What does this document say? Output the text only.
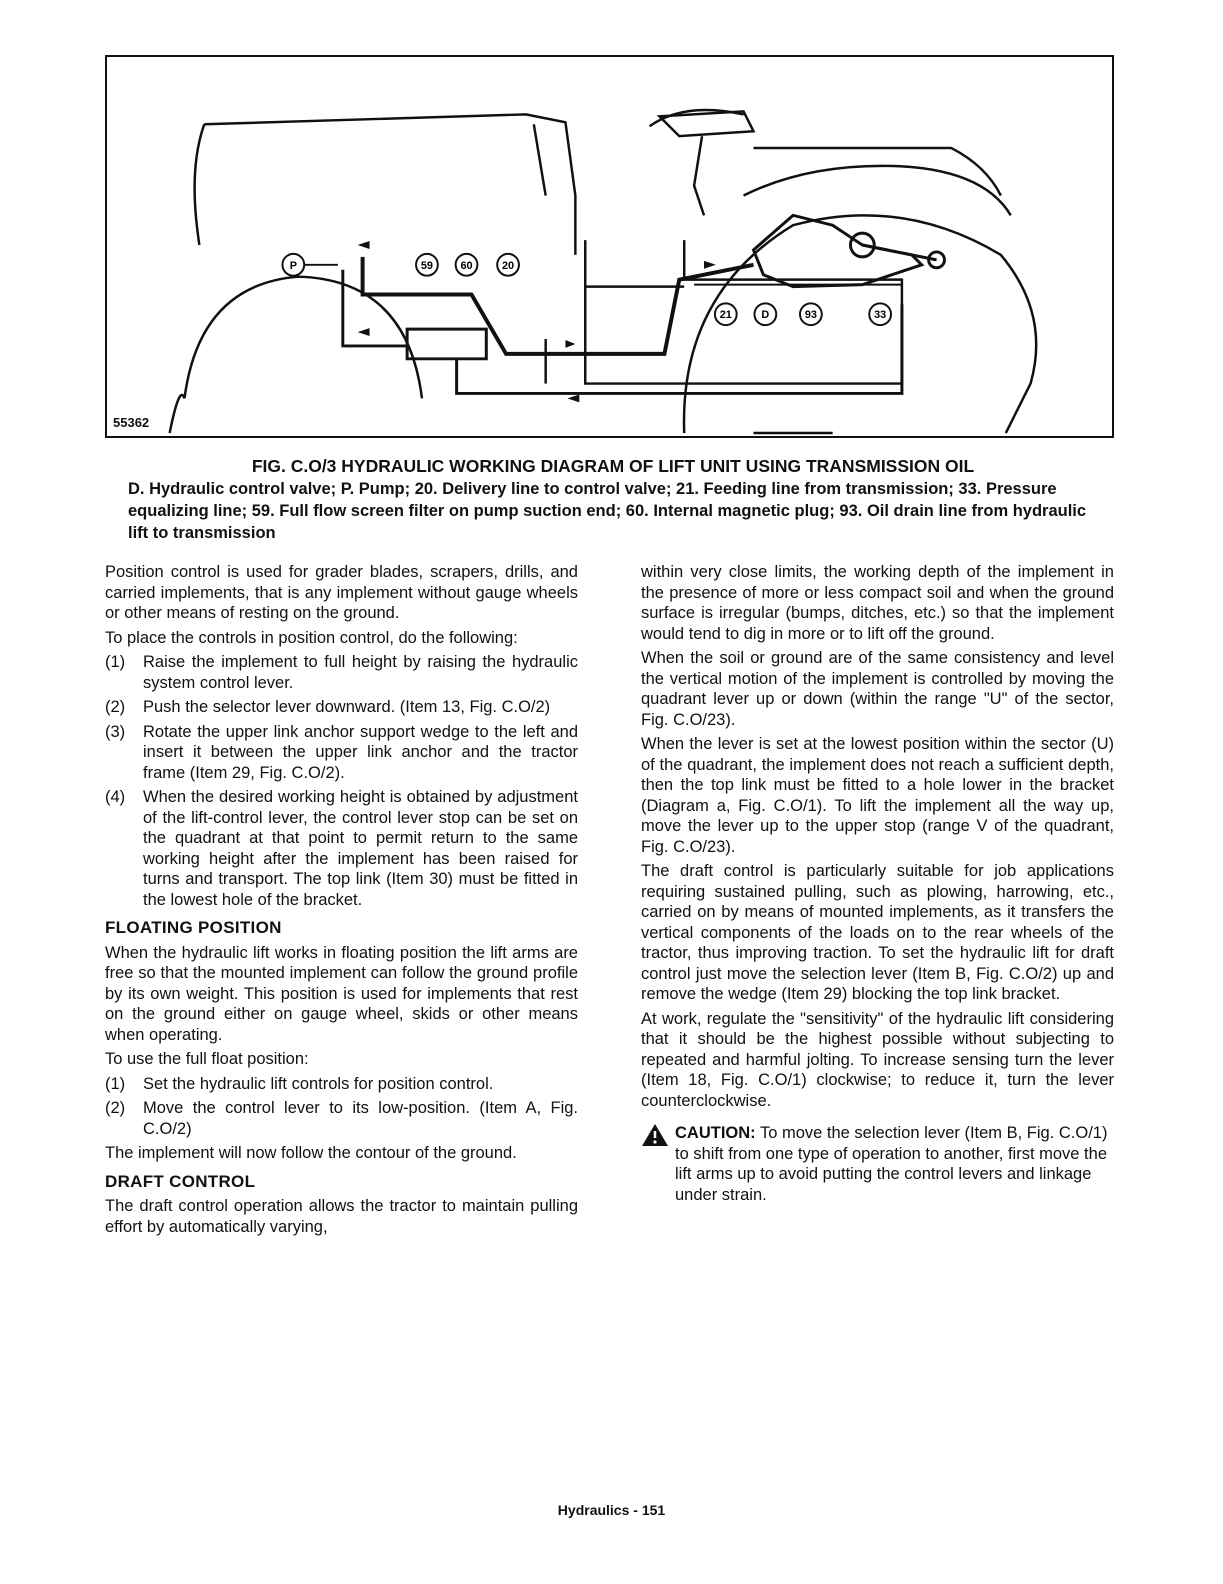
P	59 60	20
21	D	93	33
55362
FIG. C.O/3 HYDRAULIC WORKING DIAGRAM OF LIFT UNIT USING TRANSMISSION OIL
D. Hydraulic control valve; P. Pump; 20. Delivery line to control valve; 21. Feeding line from transmission; 33. Pressure equalizing line; 59. Full flow screen filter on pump suction end; 60. Internal magnetic plug; 93. Oil drain line from hydraulic lift to transmission

Position control is used for grader blades, scrapers, drills, and carried implements, that is any implement without gauge wheels or other means of resting on the ground.

To place the controls in position control, do the following:

(1)	Raise the implement to full height by raising the hydraulic system control lever.
(2)	Push the selector lever downward. (Item 13, Fig. C.O/2)
(3)	Rotate the upper link anchor support wedge to the left and insert it between the upper link anchor and the tractor frame (Item 29, Fig. C.O/2).
(4)	When the desired working height is obtained by adjustment of the lift-control lever, the control lever stop can be set on the quadrant at that point to permit return to the same working height after the implement has been raised for turns and transport. The top link (Item 30) must be fitted in the lowest hole of the bracket.
FLOATING POSITION

When the hydraulic lift works in floating position the lift arms are free so that the mounted implement can follow the ground profile by its own weight. This position is used for implements that rest on the ground either on gauge wheel, skids or other means when operating.

To use the full float position:

(1)	Set the hydraulic lift controls for position control.
(2)	Move the control lever to its low-position. (Item A, Fig. C.O/2)

The implement will now follow the contour of the ground.

DRAFT CONTROL

The draft control operation allows the tractor to maintain pulling effort by automatically varying,

within very close limits, the working depth of the implement in the presence of more or less compact soil and when the ground surface is irregular (bumps, ditches, etc.) so that the implement would tend to dig in more or to lift off the ground.

When the soil or ground are of the same consistency and level the vertical motion of the implement is controlled by moving the quadrant lever up or down (within the range "U" of the sector, Fig. C.O/23).

When the lever is set at the lowest position within the sector (U) of the quadrant, the implement does not reach a sufficient depth, then the top link must be fitted to a hole lower in the bracket (Diagram a, Fig. C.O/1). To lift the implement all the way up, move the lever up to the upper stop (range V of the quadrant, Fig. C.O/23).

The draft control is particularly suitable for job applications requiring sustained pulling, such as plowing, harrowing, etc., carried on by means of mounted implements, as it transfers the vertical components of the loads on to the rear wheels of the tractor, thus improving traction. To set the hydraulic lift for draft control just move the selection lever (Item B, Fig. C.O/2) up and remove the wedge (Item 29) blocking the top link bracket.

At work, regulate the "sensitivity" of the hydraulic lift considering that it should be the highest possible without subjecting to repeated and harmful jolting. To increase sensing turn the lever (Item 18, Fig. C.O/1) clockwise; to reduce it, turn the lever counterclockwise.

CAUTION: To move the selection lever (Item B, Fig. C.O/1) to shift from one type of operation to another, first move the lift arms up to avoid putting the control levers and linkage under strain.
Hydraulics - 151
